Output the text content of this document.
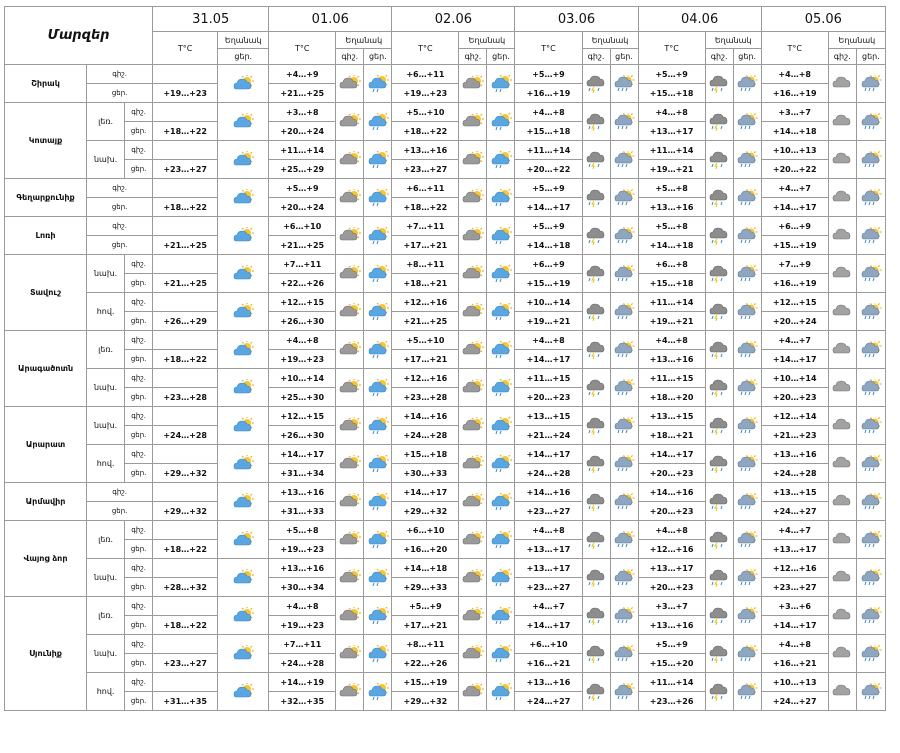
Մարզեր			31.05		01.06			02.06			03.06			04.06			05.06		
			T°C	Եղանակ	T°C	Եղանակ		T°C	Եղանակ		T°C	Եղանակ		T°C	Եղանակ		T°C	Եղանակ	
				ցեր.		գիշ.	ցեր.		գիշ.	ցեր.		գիշ.	ցեր.		գիշ.	ցեր.		գիշ.	ցեր.
Շիրակ	գիշ.				+4…+9			+6…+11			+5…+9			+5…+9			+4…+8	

	ցեր.		+19…+23		+21…+25			+19…+23			+16…+19			+15…+18			+16…+19		
Կոտայք	լեռ.	գիշ.			+3…+8			+5…+10			+4…+8			+4…+8			+3…+7	

		ցեր.	+18…+22		+20…+24			+18…+22			+15…+18			+13…+17			+14…+18		
	նախ.	գիշ.			+11…+14			+13…+16			+11…+14			+11…+14			+10…+13	

		ցեր.	+23…+27		+25…+29			+23…+27			+20…+22			+19…+21			+20…+22		
Գեղարքունիք	գիշ.				+5…+9			+6…+11			+5…+9			+5…+8			+4…+7	

	ցեր.		+18…+22		+20…+24			+18…+22			+14…+17			+13…+16			+14…+17		
Լոռի	գիշ.				+6…+10			+7…+11			+5…+9			+5…+8			+6…+9	

	ցեր.		+21…+25		+21…+25			+17…+21			+14…+18			+14…+18			+15…+19		
Տավուշ	նախ.	գիշ.			+7…+11			+8…+11			+6…+9			+6…+8			+7…+9	

		ցեր.	+21…+25		+22…+26			+18…+21			+15…+19			+15…+18			+16…+19		
	հով.	գիշ.			+12…+15			+12…+16			+10…+14			+11…+14			+12…+15	

		ցեր.	+26…+29		+26…+30			+21…+25			+19…+21			+19…+21			+20…+24		
Արագածոտն	լեռ.	գիշ.			+4…+8			+5…+10			+4…+8			+4…+8			+4…+7	

		ցեր.	+18…+22		+19…+23			+17…+21			+14…+17			+13…+16			+14…+17		
	նախ.	գիշ.			+10…+14			+12…+16			+11…+15			+11…+15			+10…+14	

		ցեր.	+23…+28		+25…+30			+23…+28			+20…+23			+18…+20			+20…+23		
Արարատ	նախ.	գիշ.			+12…+15			+14…+16			+13…+15			+13…+15			+12…+14	

		ցեր.	+24…+28		+26…+30			+24…+28			+21…+24			+18…+21			+21…+23		
	հով.	գիշ.			+14…+17			+15…+18			+14…+17			+14…+17			+13…+16	

		ցեր.	+29…+32		+31…+34			+30…+33			+24…+28			+20…+23			+24…+28		
Արմավիր	գիշ.				+13…+16			+14…+17			+14…+16			+14…+16			+13…+15	

	ցեր.		+29…+32		+31…+33			+29…+32			+23…+27			+20…+23			+24…+27		
Վայոց ձոր	լեռ.	գիշ.			+5…+8			+6…+10			+4…+8			+4…+8			+4…+7	

		ցեր.	+18…+22		+19…+23			+16…+20			+13…+17			+12…+16			+13…+17		
	նախ.	գիշ.			+13…+16			+14…+18			+13…+17			+13…+17			+12…+16	

		ցեր.	+28…+32		+30…+34			+29…+33			+23…+27			+20…+23			+23…+27		
Սյունիք	լեռ.	գիշ.			+4…+8			+5…+9			+4…+7			+3…+7			+3…+6	

		ցեր.	+18…+22		+19…+23			+17…+21			+14…+17			+13…+16			+14…+17		
	նախ.	գիշ.			+7…+11			+8…+11			+6…+10			+5…+9			+4…+8	

		ցեր.	+23…+27		+24…+28			+22…+26			+16…+21			+15…+20			+16…+21		
	հով.	գիշ.			+14…+19			+15…+19			+13…+16			+11…+14			+10…+13	

		ցեր.	+31…+35		+32…+35			+29…+32			+24…+27			+23…+26			+24…+27		
